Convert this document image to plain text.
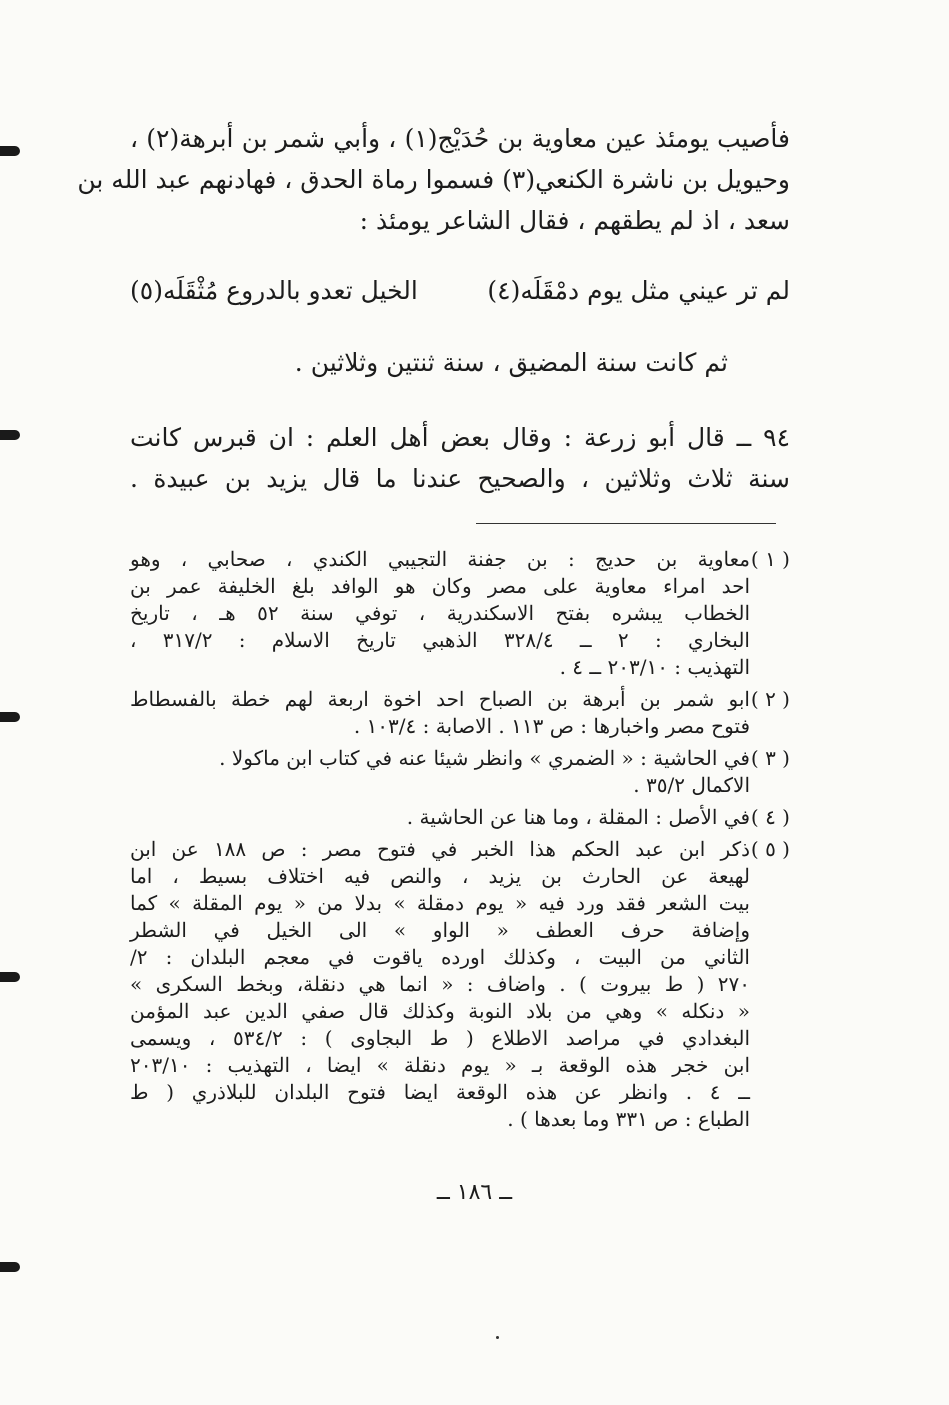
فأصيب يومئذ عين معاوية بن حُدَيْج(١) ، وأبي شمر بن أبرهة(٢) ،
وحيويل بن ناشرة الكنعي(٣) فسموا رماة الحدق ، فهادنهم عبد الله بن
سعد ، اذ لم يطقهم ، فقال الشاعر يومئذ :
لم تر عيني مثل يوم دمْقَلَه(٤)
الخيل تعدو بالدروع مُثْقَلَه(٥)
ثم كانت سنة المضيق ، سنة ثنتين وثلاثين .
٩٤ ــ قال أبو زرعة : وقال بعض أهل العلم : ان قبرس كانت
سنة ثلاث وثلاثين ، والصحيح عندنا ما قال يزيد بن عبيدة .
( ١ )
معاوية بن حديج : بن جفنة التجيبي الكندي ، صحابي ، وهو
احد امراء معاوية على مصر وكان هو الوافد بلغ الخليفة عمر بن
الخطاب يبشره بفتح الاسكندرية ، توفي سنة ٥٢ هـ ، تاريخ
البخاري : ٢ ــ ٣٢٨/٤ الذهبي تاريخ الاسلام : ٣١٧/٢ ،
التهذيب : ٢٠٣/١٠ ــ ٤ .
( ٢ )
ابو شمر بن أبرهة بن الصباح احد اخوة اربعة لهم خطة بالفسطاط
فتوح مصر واخبارها : ص ١١٣ . الاصابة : ١٠٣/٤ .
( ٣ )
في الحاشية : « الضمري » وانظر شيئا عنه في كتاب ابن ماكولا .
الاكمال ٣٥/٢ .
( ٤ )
في الأصل : المقلة ، وما هنا عن الحاشية .
( ٥ )
ذكر ابن عبد الحكم هذا الخبر في فتوح مصر : ص ١٨٨ عن ابن
لهيعة عن الحارث بن يزيد ، والنص فيه اختلاف بسيط ، اما
بيت الشعر فقد ورد فيه « يوم دمقلة » بدلا من « يوم المقلة » كما
وإضافة حرف العطف « الواو » الى الخيل في الشطر
الثاني من البيت ، وكذلك اورده ياقوت في معجم البلدان : ٢/
٢٧٠ ( ط بيروت ) . واضاف : « انما هي دنقلة، وبخط السكرى »
« دنكله » وهي من بلاد النوبة وكذلك قال صفي الدين عبد المؤمن
البغدادي في مراصد الاطلاع ( ط البجاوى ) : ٥٣٤/٢ ، ويسمى
ابن خجر هذه الوقعة بـ « يوم دنقلة » ايضا ، التهذيب : ٢٠٣/١٠
ــ ٤ . وانظر عن هذه الوقعة ايضا فتوح البلدان للبلاذري ( ط
الطباع : ص ٣٣١ وما بعدها ) .
ــ ١٨٦ ــ
